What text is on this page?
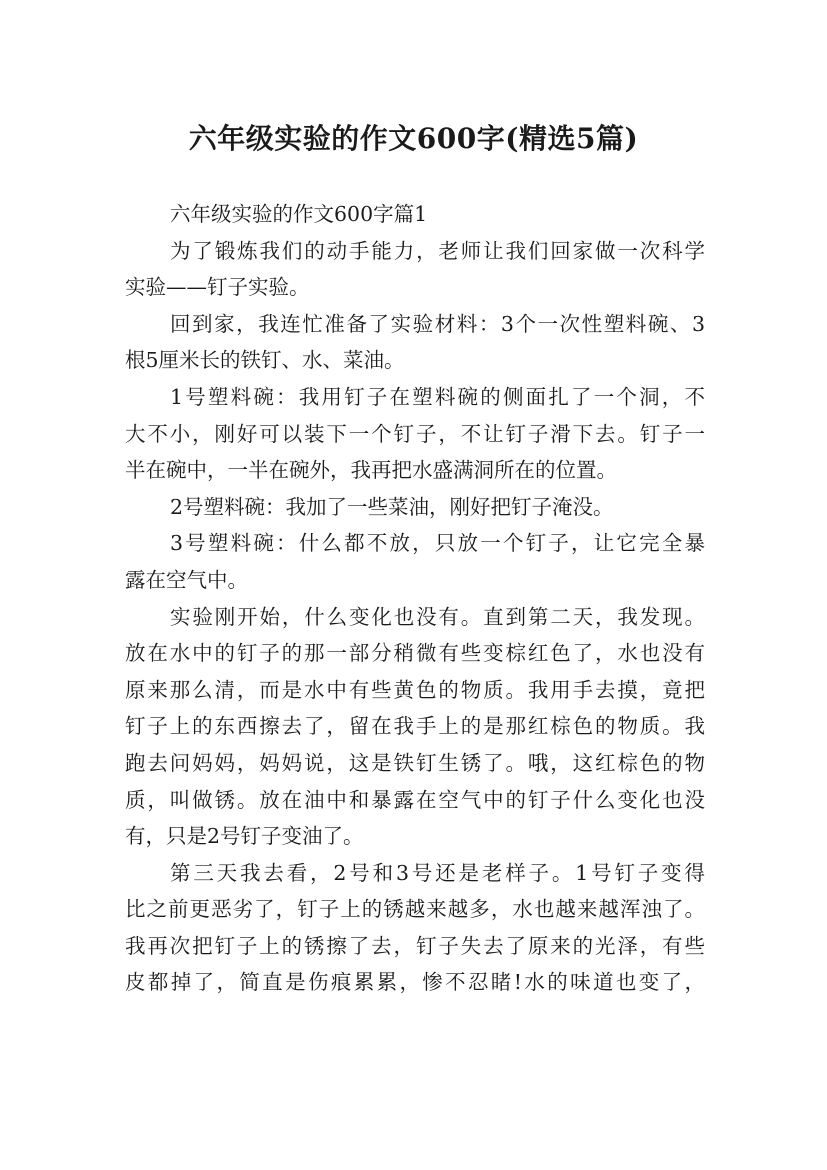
六年级实验的作文600字(精选5篇)
六年级实验的作文600字篇1
为了锻炼我们的动手能力，老师让我们回家做一次科学
实验——钉子实验。
回到家，我连忙准备了实验材料：3个一次性塑料碗、3
根5厘米长的铁钉、水、菜油。
1号塑料碗：我用钉子在塑料碗的侧面扎了一个洞，不
大不小，刚好可以装下一个钉子，不让钉子滑下去。钉子一
半在碗中，一半在碗外，我再把水盛满洞所在的位置。
2号塑料碗：我加了一些菜油，刚好把钉子淹没。
3号塑料碗：什么都不放，只放一个钉子，让它完全暴
露在空气中。
实验刚开始，什么变化也没有。直到第二天，我发现。
放在水中的钉子的那一部分稍微有些变棕红色了，水也没有
原来那么清，而是水中有些黄色的物质。我用手去摸，竟把
钉子上的东西擦去了，留在我手上的是那红棕色的物质。我
跑去问妈妈，妈妈说，这是铁钉生锈了。哦，这红棕色的物
质，叫做锈。放在油中和暴露在空气中的钉子什么变化也没
有，只是2号钉子变油了。
第三天我去看，2号和3号还是老样子。1号钉子变得
比之前更恶劣了，钉子上的锈越来越多，水也越来越浑浊了。
我再次把钉子上的锈擦了去，钉子失去了原来的光泽，有些
皮都掉了，简直是伤痕累累，惨不忍睹!水的味道也变了，
